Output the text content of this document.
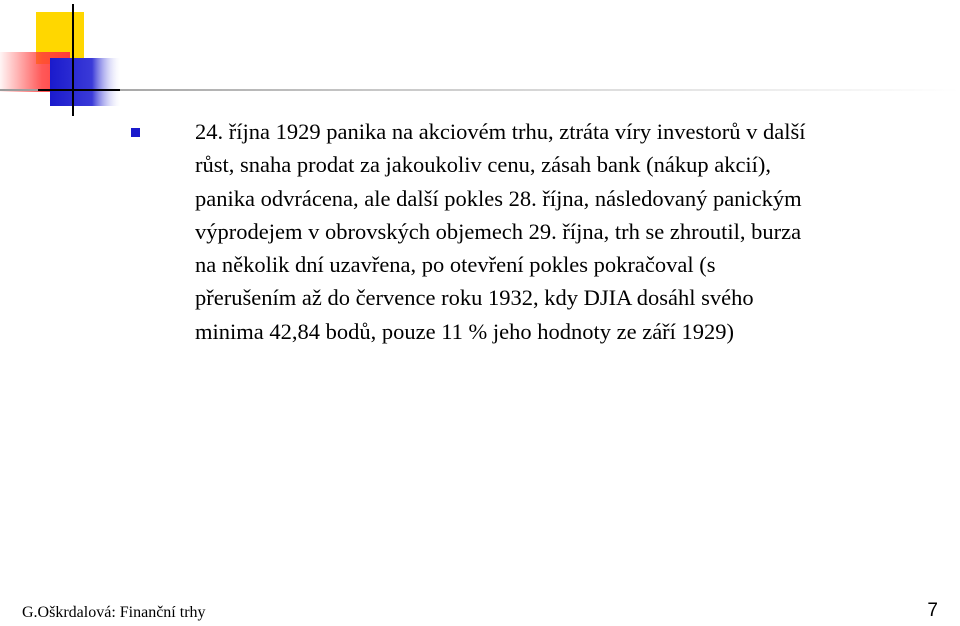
24. října 1929 panika na akciovém trhu, ztráta víry investorů v další
růst, snaha prodat za jakoukoliv cenu, zásah bank (nákup akcií),
panika odvrácena, ale další pokles 28. října, následovaný panickým
výprodejem v obrovských objemech 29. října, trh se zhroutil, burza
na několik dní uzavřena, po otevření pokles pokračoval (s
přerušením až do července roku 1932, kdy DJIA dosáhl svého
minima 42,84 bodů, pouze 11 % jeho hodnoty ze září 1929)
G.Oškrdalová: Finanční trhy	7
